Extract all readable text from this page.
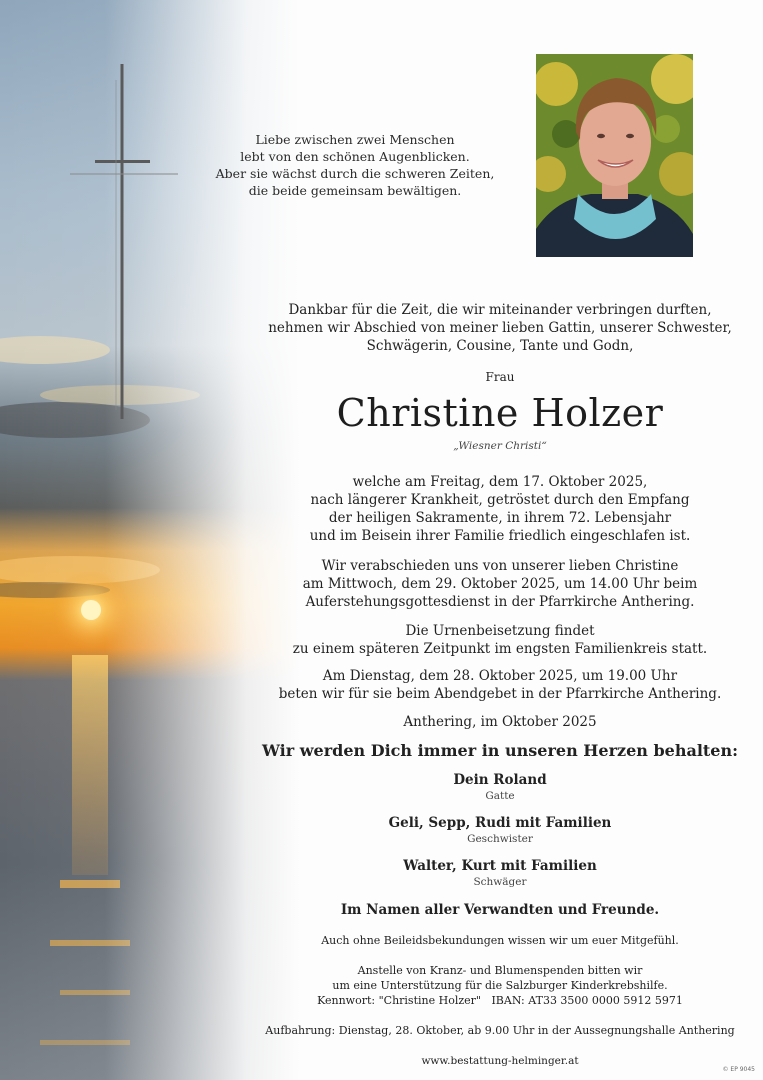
Liebe zwischen zwei Menschen
lebt von den schönen Augenblicken.
Aber sie wächst durch die schweren Zeiten,
die beide gemeinsam bewältigen.
Dankbar für die Zeit, die wir miteinander verbringen durften,
nehmen wir Abschied von meiner lieben Gattin, unserer Schwester,
Schwägerin, Cousine, Tante und Godn,
Frau
Christine Holzer
„Wiesner Christi“
welche am Freitag, dem 17. Oktober 2025,
nach längerer Krankheit, getröstet durch den Empfang
der heiligen Sakramente, in ihrem 72. Lebensjahr
und im Beisein ihrer Familie friedlich eingeschlafen ist.
Wir verabschieden uns von unserer lieben Christine
am Mittwoch, dem 29. Oktober 2025, um 14.00 Uhr beim
Auferstehungsgottesdienst in der Pfarrkirche Anthering.
Die Urnenbeisetzung findet
zu einem späteren Zeitpunkt im engsten Familienkreis statt.
Am Dienstag, dem 28. Oktober 2025, um 19.00 Uhr
beten wir für sie beim Abendgebet in der Pfarrkirche Anthering.
Anthering, im Oktober 2025
Wir werden Dich immer in unseren Herzen behalten:
Dein Roland
Gatte
Geli, Sepp, Rudi mit Familien
Geschwister
Walter, Kurt mit Familien
Schwäger
Im Namen aller Verwandten und Freunde.
Auch ohne Beileidsbekundungen wissen wir um euer Mitgefühl.
Anstelle von Kranz- und Blumenspenden bitten wir
um eine Unterstützung für die Salzburger Kinderkrebshilfe.
Kennwort: "Christine Holzer"   IBAN: AT33 3500 0000 5912 5971
Aufbahrung: Dienstag, 28. Oktober, ab 9.00 Uhr in der Aussegnungshalle Anthering
www.bestattung-helminger.at
© EP 9045
